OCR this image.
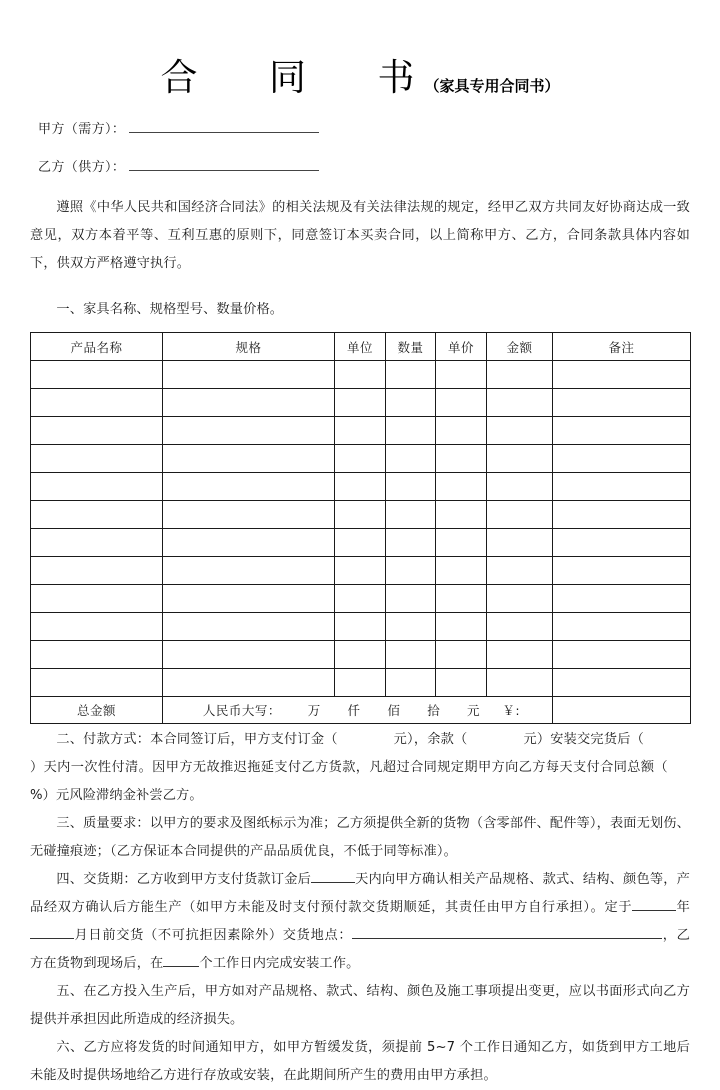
合  同  书
（家具专用合同书）
甲方（需方）：
乙方（供方）：

遵照《中华人民共和国经济合同法》的相关法规及有关法律法规的规定，经甲乙双方共同友好协商达成一致意见，双方本着平等、互利互惠的原则下，同意签订本买卖合同，以上简称甲方、乙方，合同条款具体内容如下，供双方严格遵守执行。

一、家具名称、规格型号、数量价格。

产品名称	规格	单位	数量	单价	金额	备注

总金额	人民币大写：      万      仟      佰      拾      元     ￥:					

二、付款方式：本合同签订后，甲方支付订金（	元），余款（	元）安装交完货后（）天内一次性付清。因甲方无故推迟拖延支付乙方货款，凡超过合同规定期甲方向乙方每天支付合同总额（%）元风险滞纳金补尝乙方。

三、质量要求：以甲方的要求及图纸标示为准；乙方须提供全新的货物（含零部件、配件等），表面无划伤、无碰撞痕迹；（乙方保证本合同提供的产品品质优良，不低于同等标准）。

四、交货期：乙方收到甲方支付货款订金后	天内向甲方确认相关产品规格、款式、结构、颜色等，产品经双方确认后方能生产（如甲方未能及时支付预付款交货期顺延，其责任由甲方自行承担）。定于	年月日前交货（不可抗拒因素除外）交货地点：	，乙方在货物到现场后，在	个工作日内完成安装工作。

五、在乙方投入生产后，甲方如对产品规格、款式、结构、颜色及施工事项提出变更，应以书面形式向乙方提供并承担因此所造成的经济损失。

六、乙方应将发货的时间通知甲方，如甲方暂缓发货，须提前 5~7 个工作日通知乙方，如货到甲方工地后未能及时提供场地给乙方进行存放或安装，在此期间所产生的费用由甲方承担。
